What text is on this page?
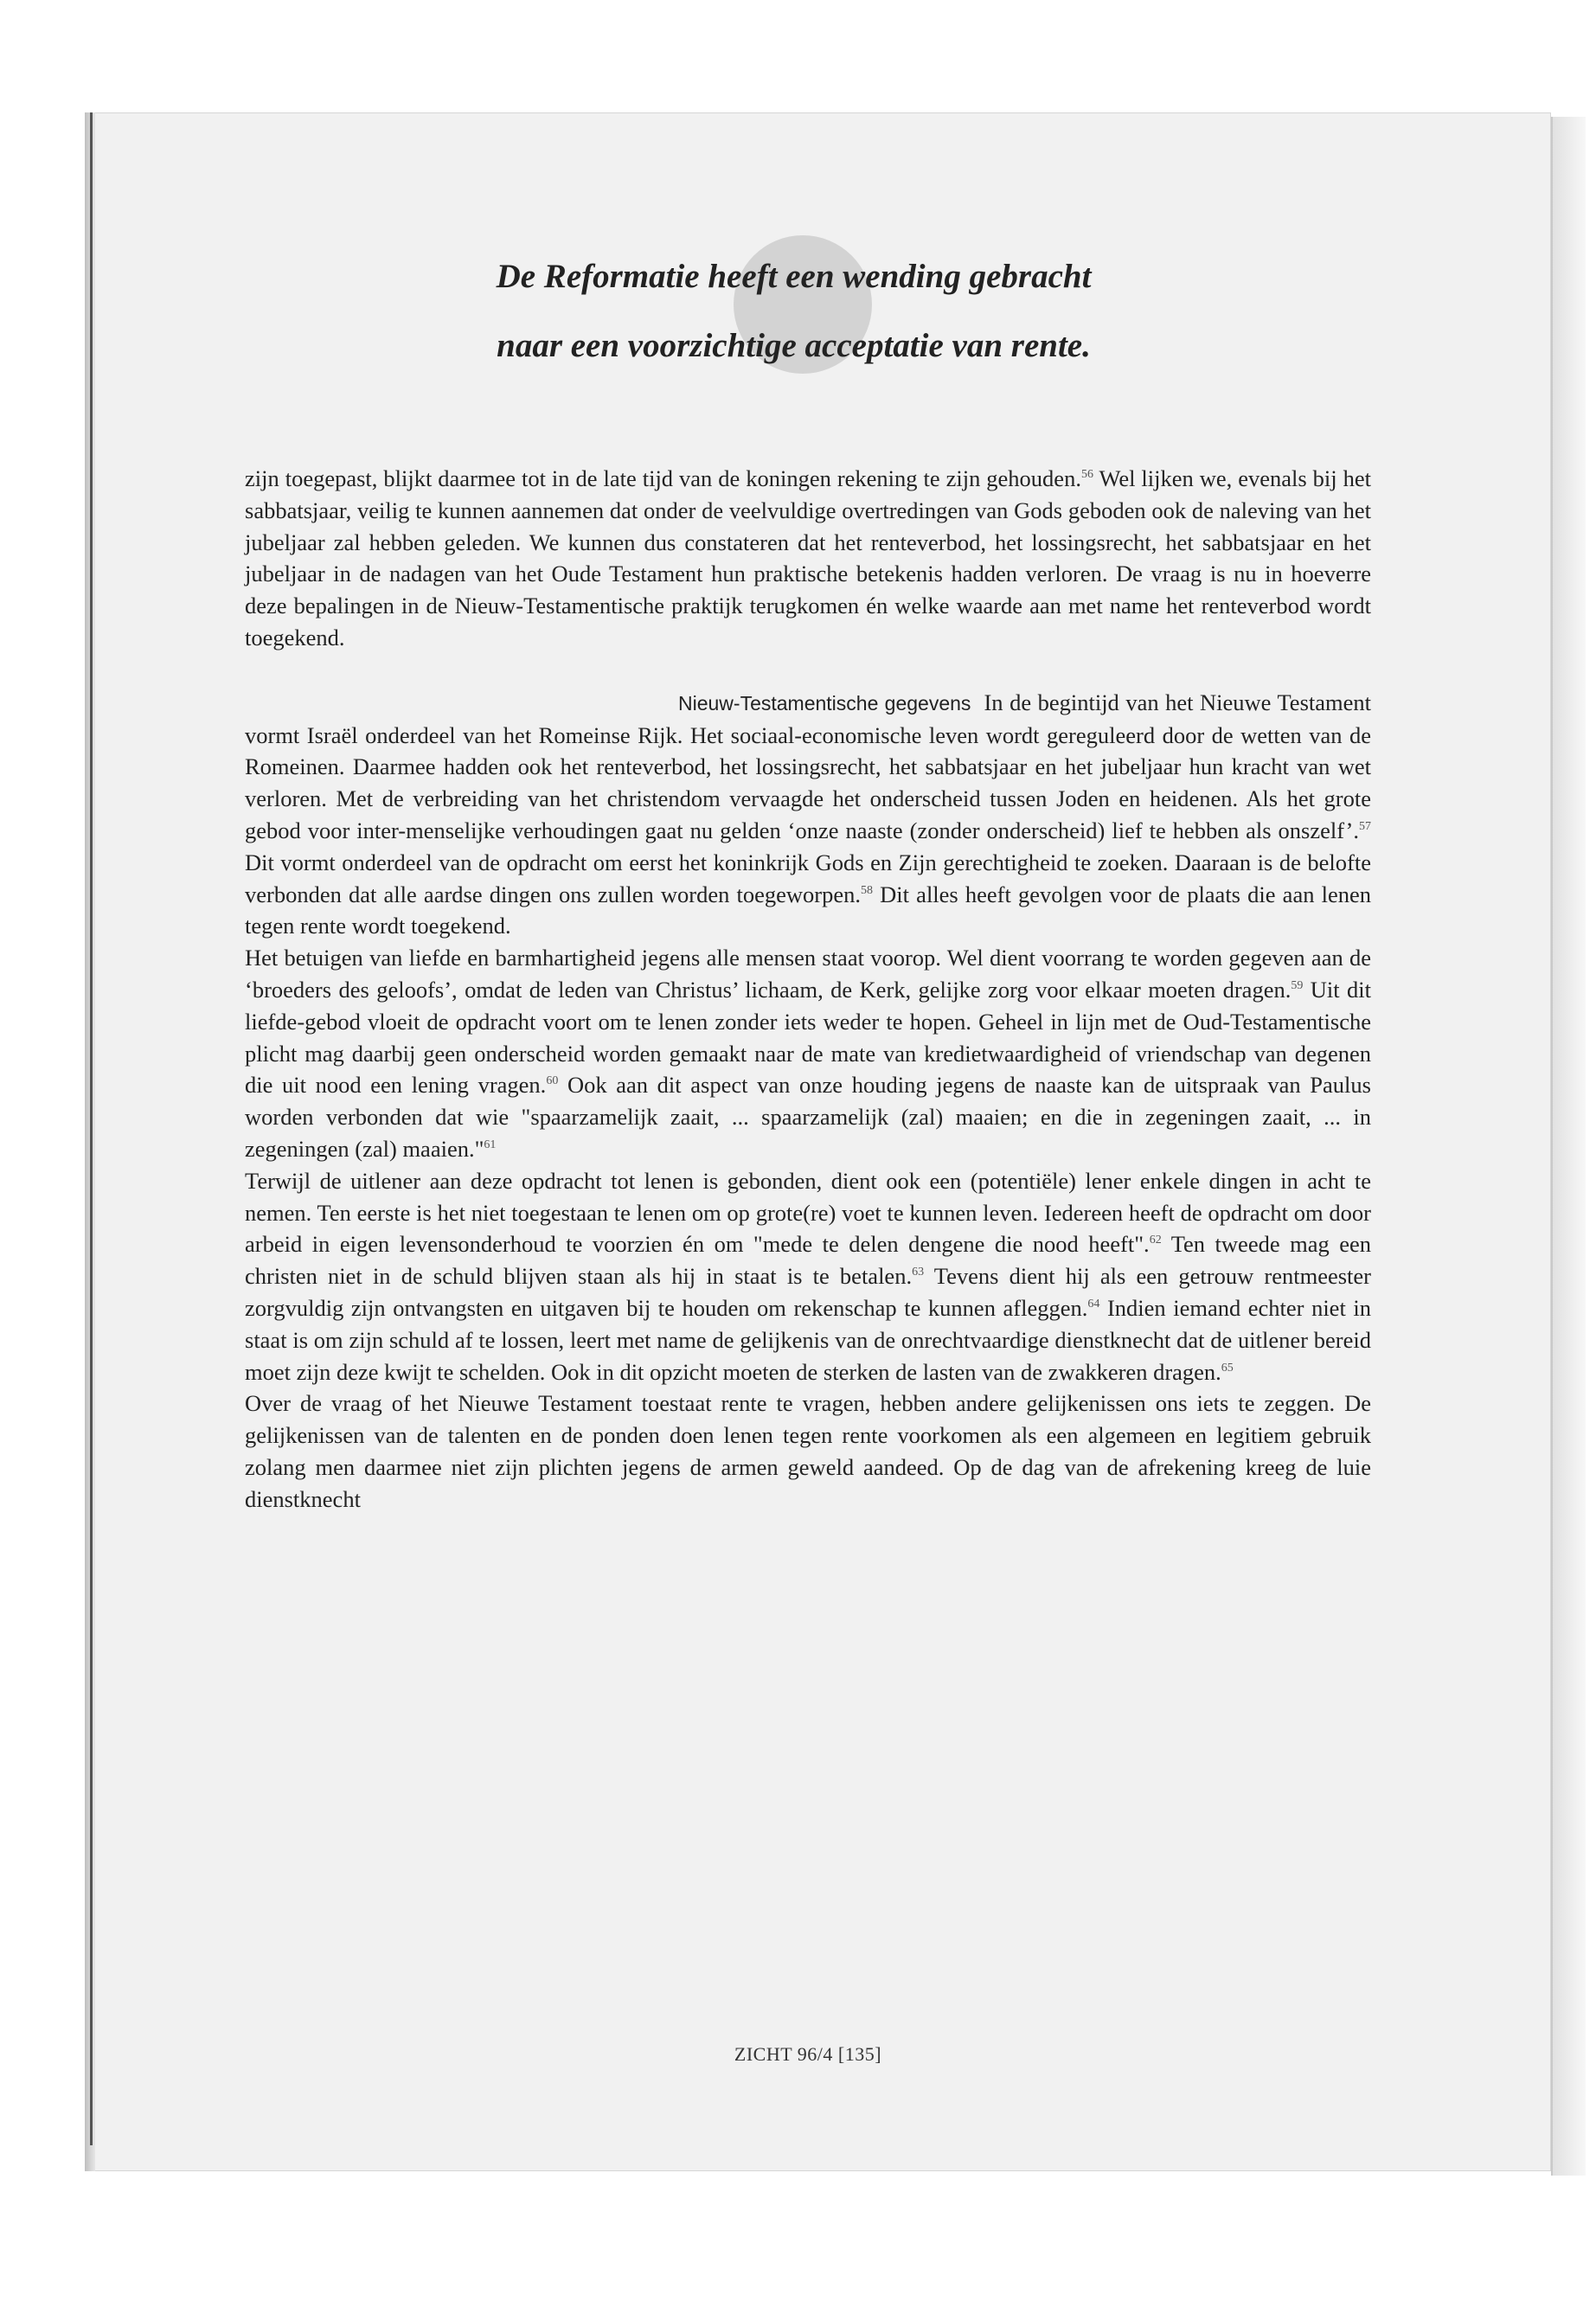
De Reformatie heeft een wending gebracht
naar een voorzichtige acceptatie van rente.

zijn toegepast, blijkt daarmee tot in de late tijd van de koningen rekening te zijn gehouden.$^{56}$ Wel lijken we, evenals bij het sabbatsjaar, veilig te kunnen aannemen dat onder de veelvuldige overtredingen van Gods geboden ook de naleving van het jubeljaar zal hebben geleden. We kunnen dus constateren dat het renteverbod, het lossingsrecht, het sabbatsjaar en het jubeljaar in de nadagen van het Oude Testament hun praktische betekenis hadden verloren. De vraag is nu in hoeverre deze bepalingen in de Nieuw-Testamentische praktijk terugkomen én welke waarde aan met name het renteverbod wordt toegekend.

Nieuw-Testamentische gegevens  In de begintijd van het Nieuwe Testament vormt Israël onderdeel van het Romeinse Rijk. Het sociaal-economische leven wordt gereguleerd door de wetten van de Romeinen. Daarmee hadden ook het renteverbod, het lossingsrecht, het sabbatsjaar en het jubeljaar hun kracht van wet verloren. Met de verbreiding van het christendom vervaagde het onderscheid tussen Joden en heidenen. Als het grote gebod voor inter-menselijke verhoudingen gaat nu gelden ‘onze naaste (zonder onderscheid) lief te hebben als onszelf’.$^{57}$ Dit vormt onderdeel van de opdracht om eerst het koninkrijk Gods en Zijn gerechtigheid te zoeken. Daaraan is de belofte verbonden dat alle aardse dingen ons zullen worden toegeworpen.$^{58}$ Dit alles heeft gevolgen voor de plaats die aan lenen tegen rente wordt toegekend.

Het betuigen van liefde en barmhartigheid jegens alle mensen staat voorop. Wel dient voorrang te worden gegeven aan de ‘broeders des geloofs’, omdat de leden van Christus’ lichaam, de Kerk, gelijke zorg voor elkaar moeten dragen.$^{59}$ Uit dit liefde-gebod vloeit de opdracht voort om te lenen zonder iets weder te hopen. Geheel in lijn met de Oud-Testamentische plicht mag daarbij geen onderscheid worden gemaakt naar de mate van kredietwaardigheid of vriendschap van degenen die uit nood een lening vragen.$^{60}$ Ook aan dit aspect van onze houding jegens de naaste kan de uitspraak van Paulus worden verbonden dat wie "spaarzamelijk zaait, ... spaarzamelijk (zal) maaien; en die in zegeningen zaait, ... in zegeningen (zal) maaien."$^{61}$

Terwijl de uitlener aan deze opdracht tot lenen is gebonden, dient ook een (potentiële) lener enkele dingen in acht te nemen. Ten eerste is het niet toegestaan te lenen om op grote(re) voet te kunnen leven. Iedereen heeft de opdracht om door arbeid in eigen levensonderhoud te voorzien én om "mede te delen dengene die nood heeft".$^{62}$ Ten tweede mag een christen niet in de schuld blijven staan als hij in staat is te betalen.$^{63}$ Tevens dient hij als een getrouw rentmeester zorgvuldig zijn ontvangsten en uitgaven bij te houden om rekenschap te kunnen afleggen.$^{64}$ Indien iemand echter niet in staat is om zijn schuld af te lossen, leert met name de gelijkenis van de onrechtvaardige dienstknecht dat de uitlener bereid moet zijn deze kwijt te schelden. Ook in dit opzicht moeten de sterken de lasten van de zwakkeren dragen.$^{65}$

Over de vraag of het Nieuwe Testament toestaat rente te vragen, hebben andere gelijkenissen ons iets te zeggen. De gelijkenissen van de talenten en de ponden doen lenen tegen rente voorkomen als een algemeen en legitiem gebruik zolang men daarmee niet zijn plichten jegens de armen geweld aandeed. Op de dag van de afrekening kreeg de luie dienstknecht

ZICHT 96/4 [135]
